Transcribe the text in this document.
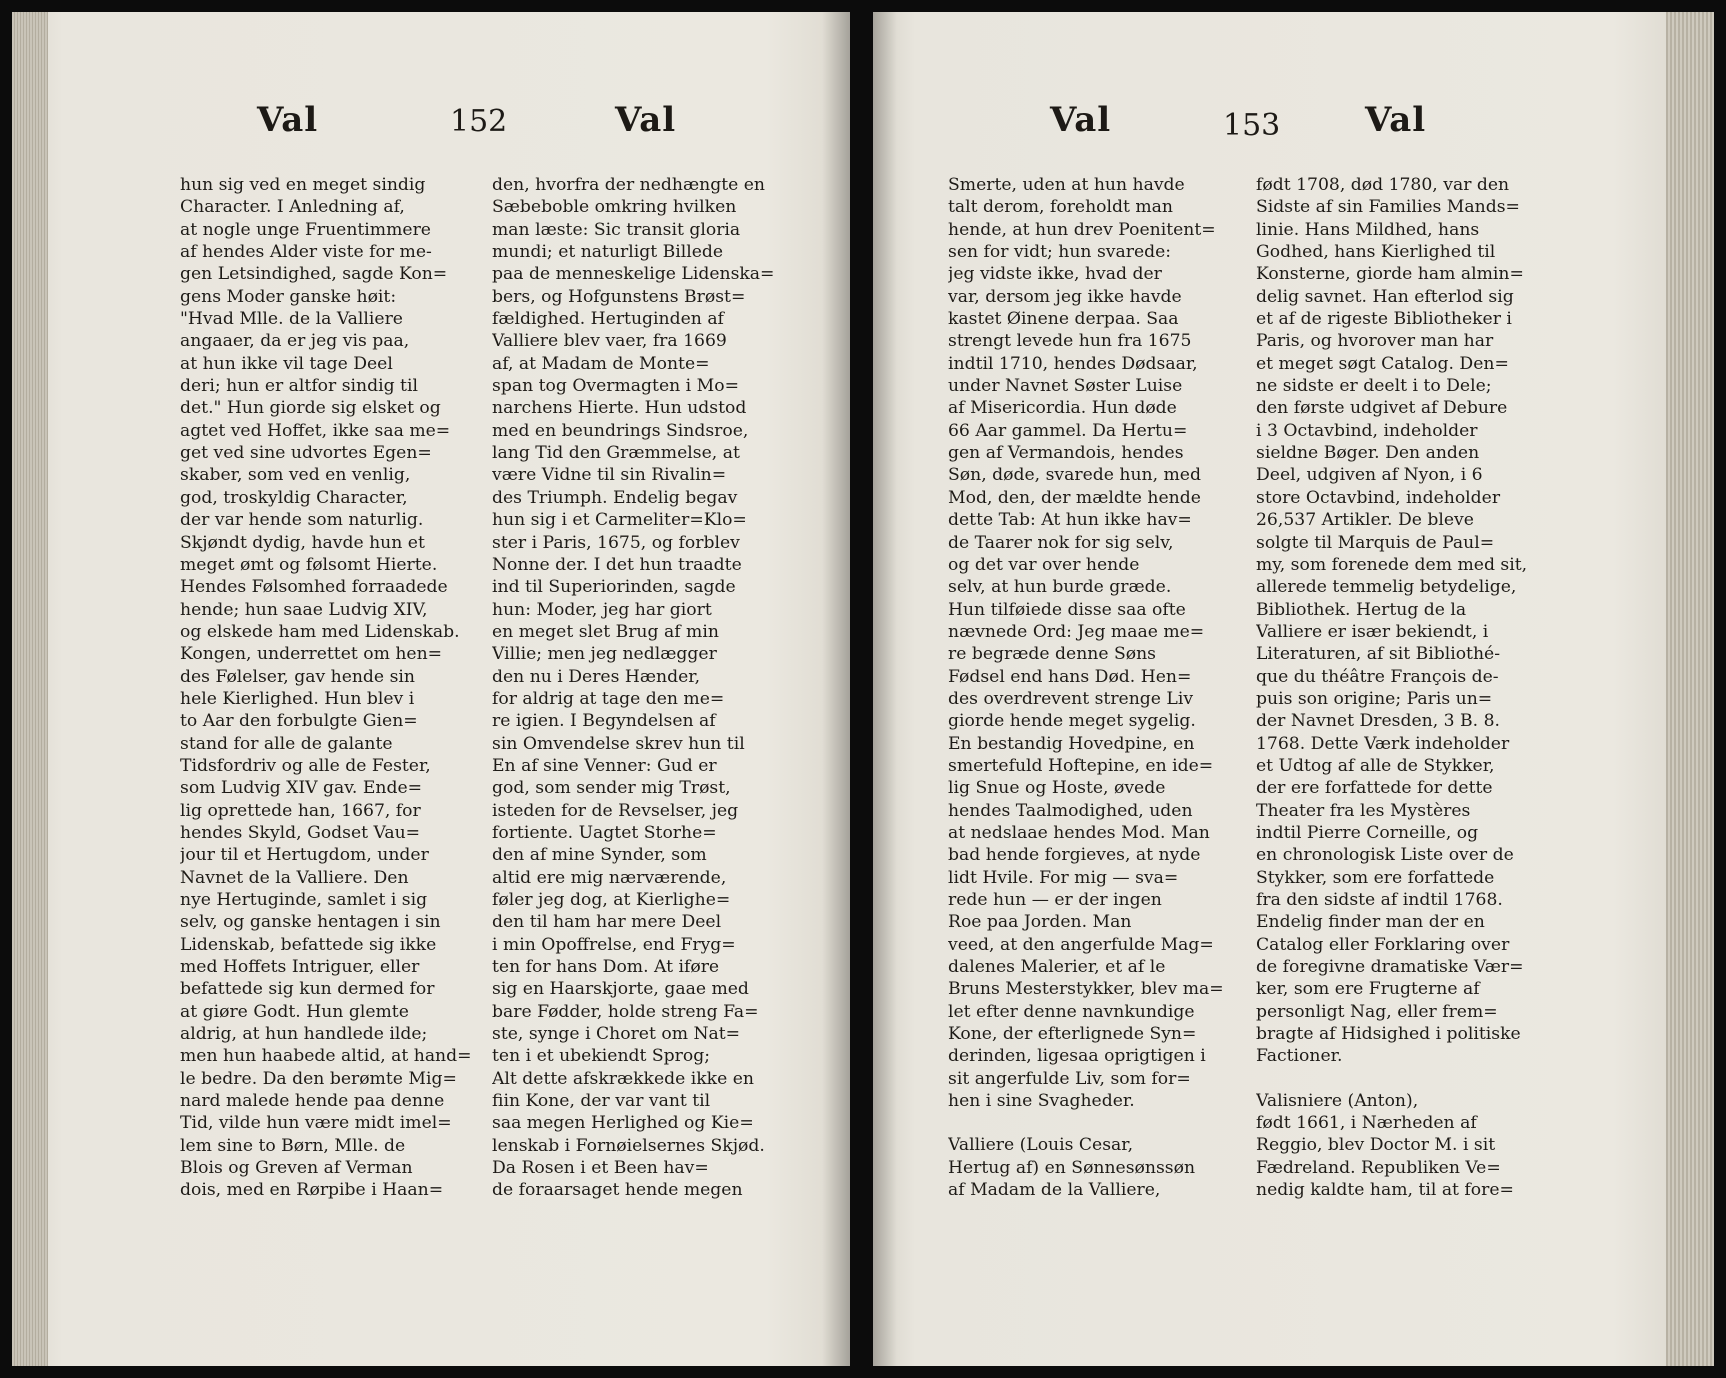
Val	152	Val
hun sig ved en meget sindig
Character. I Anledning af,
at nogle unge Fruentimmere
af hendes Alder viste for me-
gen Letsindighed, sagde Kon=
gens Moder ganske høit:
"Hvad Mlle. de la Valliere
angaaer, da er jeg vis paa,
at hun ikke vil tage Deel
deri; hun er altfor sindig til
det." Hun giorde sig elsket og
agtet ved Hoffet, ikke saa me=
get ved sine udvortes Egen=
skaber, som ved en venlig,
god, troskyldig Character,
der var hende som naturlig.
Skjøndt dydig, havde hun et
meget ømt og følsomt Hierte.
Hendes Følsomhed forraadede
hende; hun saae Ludvig XIV,
og elskede ham med Lidenskab.
Kongen, underrettet om hen=
des Følelser, gav hende sin
hele Kierlighed. Hun blev i
to Aar den forbulgte Gien=
stand for alle de galante
Tidsfordriv og alle de Fester,
som Ludvig XIV gav. Ende=
lig oprettede han, 1667, for
hendes Skyld, Godset Vau=
jour til et Hertugdom, under
Navnet de la Valliere. Den
nye Hertuginde, samlet i sig
selv, og ganske hentagen i sin
Lidenskab, befattede sig ikke
med Hoffets Intriguer, eller
befattede sig kun dermed for
at giøre Godt. Hun glemte
aldrig, at hun handlede ilde;
men hun haabede altid, at hand=
le bedre. Da den berømte Mig=
nard malede hende paa denne
Tid, vilde hun være midt imel=
lem sine to Børn, Mlle. de
Blois og Greven af Verman
dois, med en Rørpibe i Haan=
den, hvorfra der nedhængte en
Sæbeboble omkring hvilken
man læste: Sic transit gloria
mundi; et naturligt Billede
paa de menneskelige Lidenska=
bers, og Hofgunstens Brøst=
fældighed. Hertuginden af
Valliere blev vaer, fra 1669
af, at Madam de Monte=
span tog Overmagten i Mo=
narchens Hierte. Hun udstod
med en beundrings Sindsroe,
lang Tid den Græmmelse, at
være Vidne til sin Rivalin=
des Triumph. Endelig begav
hun sig i et Carmeliter=Klo=
ster i Paris, 1675, og forblev
Nonne der. I det hun traadte
ind til Superiorinden, sagde
hun: Moder, jeg har giort
en meget slet Brug af min
Villie; men jeg nedlægger
den nu i Deres Hænder,
for aldrig at tage den me=
re igien. I Begyndelsen af
sin Omvendelse skrev hun til
En af sine Venner: Gud er
god, som sender mig Trøst,
isteden for de Revselser, jeg
fortiente. Uagtet Storhe=
den af mine Synder, som
altid ere mig nærværende,
føler jeg dog, at Kierlighe=
den til ham har mere Deel
i min Opoffrelse, end Fryg=
ten for hans Dom. At iføre
sig en Haarskjorte, gaae med
bare Fødder, holde streng Fa=
ste, synge i Choret om Nat=
ten i et ubekiendt Sprog;
Alt dette afskrækkede ikke en
fiin Kone, der var vant til
saa megen Herlighed og Kie=
lenskab i Fornøielsernes Skjød.
Da Rosen i et Been hav=
de foraarsaget hende megen
Val	153 Val
Smerte, uden at hun havde
talt derom, foreholdt man
hende, at hun drev Poenitent=
sen for vidt; hun svarede:
jeg vidste ikke, hvad der
var, dersom jeg ikke havde
kastet Øinene derpaa. Saa
strengt levede hun fra 1675
indtil 1710, hendes Dødsaar,
under Navnet Søster Luise
af Misericordia. Hun døde
66 Aar gammel. Da Hertu=
gen af Vermandois, hendes
Søn, døde, svarede hun, med
Mod, den, der mældte hende
dette Tab: At hun ikke hav=
de Taarer nok for sig selv,
og det var over hende
selv, at hun burde græde.
Hun tilføiede disse saa ofte
nævnede Ord: Jeg maae me=
re begræde denne Søns
Fødsel end hans Død. Hen=
des overdrevent strenge Liv
giorde hende meget sygelig.
En bestandig Hovedpine, en
smertefuld Hoftepine, en ide=
lig Snue og Hoste, øvede
hendes Taalmodighed, uden
at nedslaae hendes Mod. Man
bad hende forgieves, at nyde
lidt Hvile. For mig — sva=
rede hun — er der ingen
Roe paa Jorden. Man
veed, at den angerfulde Mag=
dalenes Malerier, et af le
Bruns Mesterstykker, blev ma=
let efter denne navnkundige
Kone, der efterlignede Syn=
derinden, ligesaa oprigtigen i
sit angerfulde Liv, som for=
hen i sine Svagheder.
Valliere (Louis Cesar,
Hertug af) en Sønnesønssøn
af Madam de la Valliere,
født 1708, død 1780, var den
Sidste af sin Families Mands=
linie. Hans Mildhed, hans
Godhed, hans Kierlighed til
Konsterne, giorde ham almin=
delig savnet. Han efterlod sig
et af de rigeste Bibliotheker i
Paris, og hvorover man har
et meget søgt Catalog. Den=
ne sidste er deelt i to Dele;
den første udgivet af Debure
i 3 Octavbind, indeholder
sieldne Bøger. Den anden
Deel, udgiven af Nyon, i 6
store Octavbind, indeholder
26,537 Artikler. De bleve
solgte til Marquis de Paul=
my, som forenede dem med sit,
allerede temmelig betydelige,
Bibliothek. Hertug de la
Valliere er især bekiendt, i
Literaturen, af sit Bibliothé-
que du théâtre François de-
puis son origine; Paris un=
der Navnet Dresden, 3 B. 8.
1768. Dette Værk indeholder
et Udtog af alle de Stykker,
der ere forfattede for dette
Theater fra les Mystères
indtil Pierre Corneille, og
en chronologisk Liste over de
Stykker, som ere forfattede
fra den sidste af indtil 1768.
Endelig finder man der en
Catalog eller Forklaring over
de foregivne dramatiske Vær=
ker, som ere Frugterne af
personligt Nag, eller frem=
bragte af Hidsighed i politiske
Factioner.
Valisniere (Anton),
født 1661, i Nærheden af
Reggio, blev Doctor M. i sit
Fædreland. Republiken Ve=
nedig kaldte ham, til at fore=
